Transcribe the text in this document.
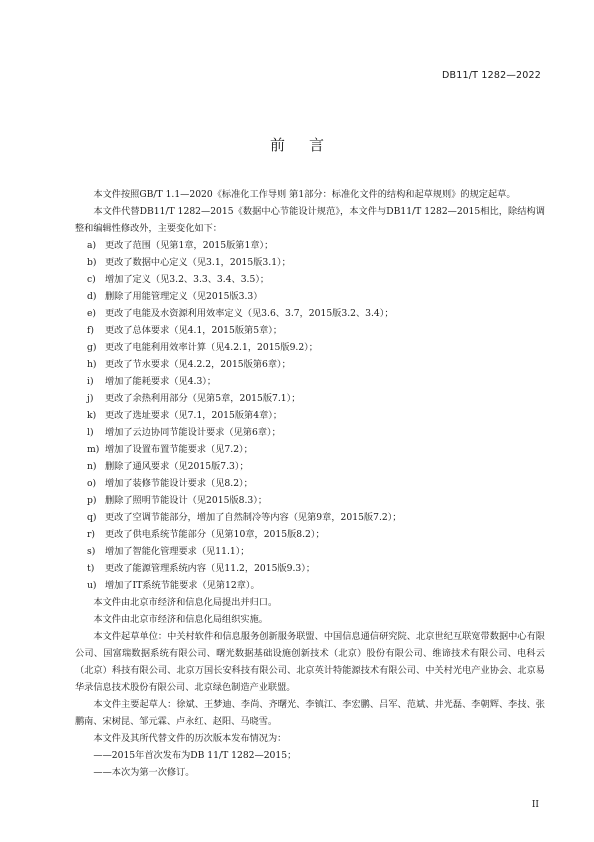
DB11/T 1282—2022
前言

本文件按照GB/T 1.1—2020《标准化工作导则 第1部分：标准化文件的结构和起草规则》的规定起草。

本文件代替DB11/T 1282—2015《数据中心节能设计规范》，本文件与DB11/T 1282—2015相比，除结构调整和编辑性修改外，主要变化如下：

a) 更改了范围（见第1章，2015版第1章）；
b) 更改了数据中心定义（见3.1，2015版3.1）；
c) 增加了定义（见3.2、3.3、3.4、3.5）；
d) 删除了用能管理定义（见2015版3.3）
e) 更改了电能及水资源利用效率定义（见3.6、3.7，2015版3.2、3.4）；
f) 更改了总体要求（见4.1，2015版第5章）；
g) 更改了电能利用效率计算（见4.2.1，2015版9.2）；
h) 更改了节水要求（见4.2.2，2015版第6章）；
i) 增加了能耗要求（见4.3）；
j) 更改了余热利用部分（见第5章，2015版7.1）；
k) 更改了选址要求（见7.1，2015版第4章）；
l) 增加了云边协同节能设计要求（见第6章）；
m) 增加了设置布置节能要求（见7.2）；
n) 删除了通风要求（见2015版7.3）；
o) 增加了装修节能设计要求（见8.2）；
p) 删除了照明节能设计（见2015版8.3）；
q) 更改了空调节能部分，增加了自然制冷等内容（见第9章，2015版7.2）；
r) 更改了供电系统节能部分（见第10章，2015版8.2）；
s) 增加了智能化管理要求（见11.1）；
t) 更改了能源管理系统内容（见11.2，2015版9.3）；
u) 增加了IT系统节能要求（见第12章）。

本文件由北京市经济和信息化局提出并归口。

本文件由北京市经济和信息化局组织实施。

本文件起草单位：中关村软件和信息服务创新服务联盟、中国信息通信研究院、北京世纪互联宽带数据中心有限公司、国富瑞数据系统有限公司、曙光数据基础设施创新技术（北京）股份有限公司、维谛技术有限公司、电科云（北京）科技有限公司、北京万国长安科技有限公司、北京英计特能源技术有限公司、中关村光电产业协会、北京易华录信息技术股份有限公司、北京绿色制造产业联盟。

本文件主要起草人：徐斌、王梦迪、李尚、齐曙光、李镇江、李宏鹏、吕军、范斌、井光磊、李朝辉、李技、张鹏南、宋树昆、邹元霖、卢永红、赵阳、马晓雪。

本文件及其所代替文件的历次版本发布情况为：

——2015年首次发布为DB 11/T 1282—2015；
——本次为第一次修订。
II
